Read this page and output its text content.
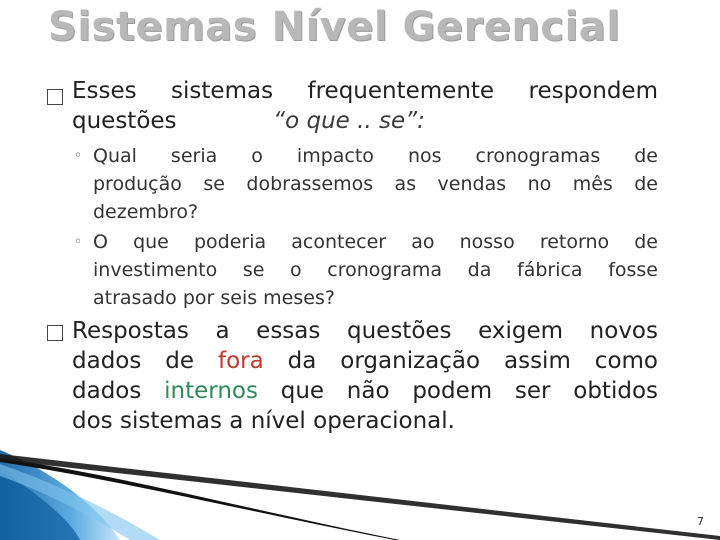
Sistemas Nível Gerencial
Esses sistemas frequentemente respondem
questões	“o que .. se”:
◦ Qual seria o impacto nos cronogramas de
produção se dobrassemos as vendas no mês de
dezembro?
◦ O que poderia acontecer ao nosso retorno de
investimento se o cronograma da fábrica fosse
atrasado por seis meses?
Respostas a essas questões exigem novos
dados de fora da organização assim como
dados internos que não podem ser obtidos
dos sistemas a nível operacional.
7
